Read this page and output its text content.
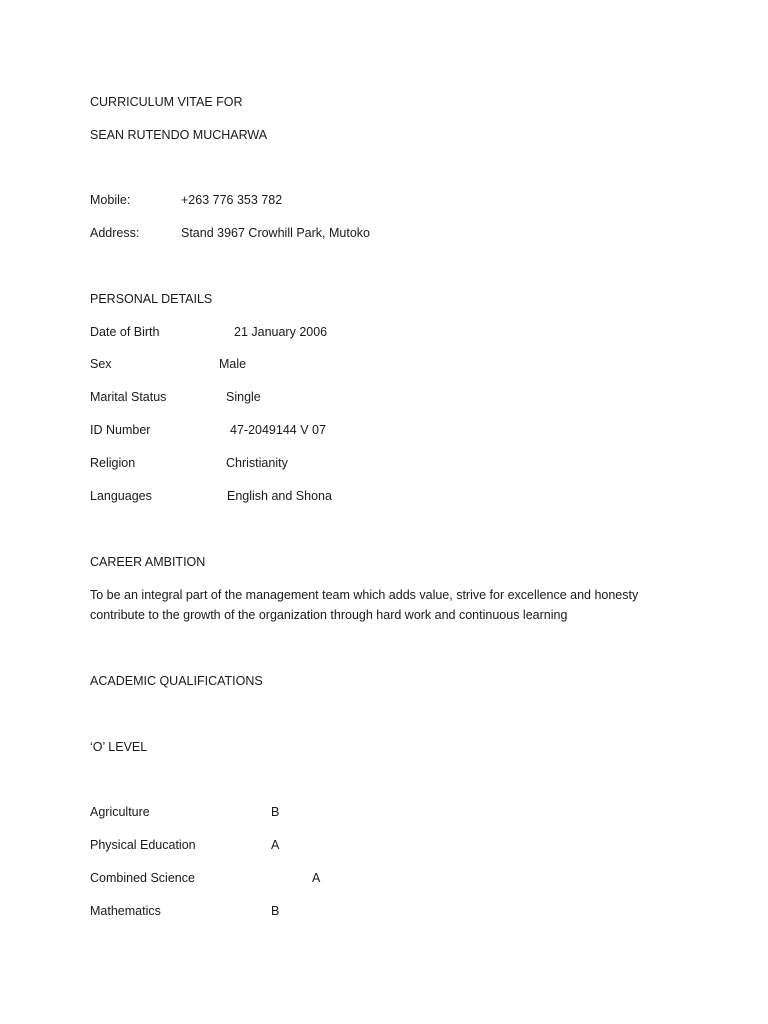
CURRICULUM VITAE FOR
SEAN RUTENDO MUCHARWA
Mobile:	+263 776 353 782
Address:	Stand 3967 Crowhill Park, Mutoko
PERSONAL DETAILS
Date of Birth	21 January 2006
Sex	Male
Marital Status	Single
ID Number	47-2049144 V 07
Religion	Christianity
Languages	English and Shona
CAREER AMBITION
To be an integral part of the management team which adds value, strive for excellence and honesty contribute to the growth of the organization through hard work and continuous learning
ACADEMIC QUALIFICATIONS
‘O’ LEVEL
Agriculture	B
Physical Education	A
Combined Science	A
Mathematics	B
